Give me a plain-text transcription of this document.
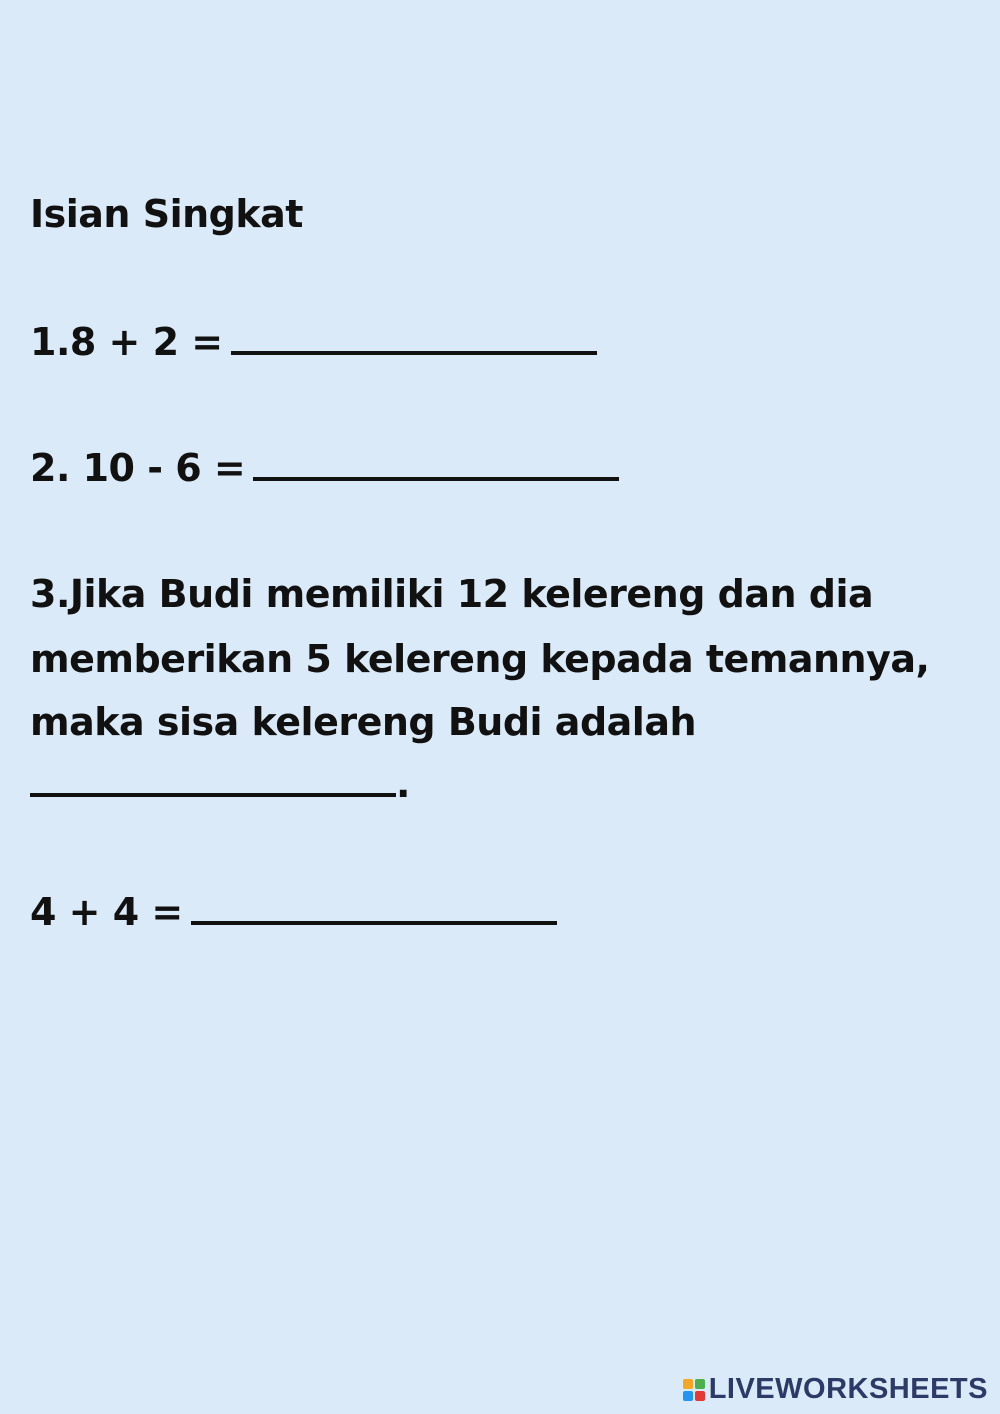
Isian Singkat
1.8 + 2 =
2. 10 - 6 =
3.Jika Budi memiliki 12 kelereng dan dia
memberikan 5 kelereng kepada temannya,
maka sisa kelereng Budi adalah
.
4 + 4 =
LIVEWORKSHEETS
